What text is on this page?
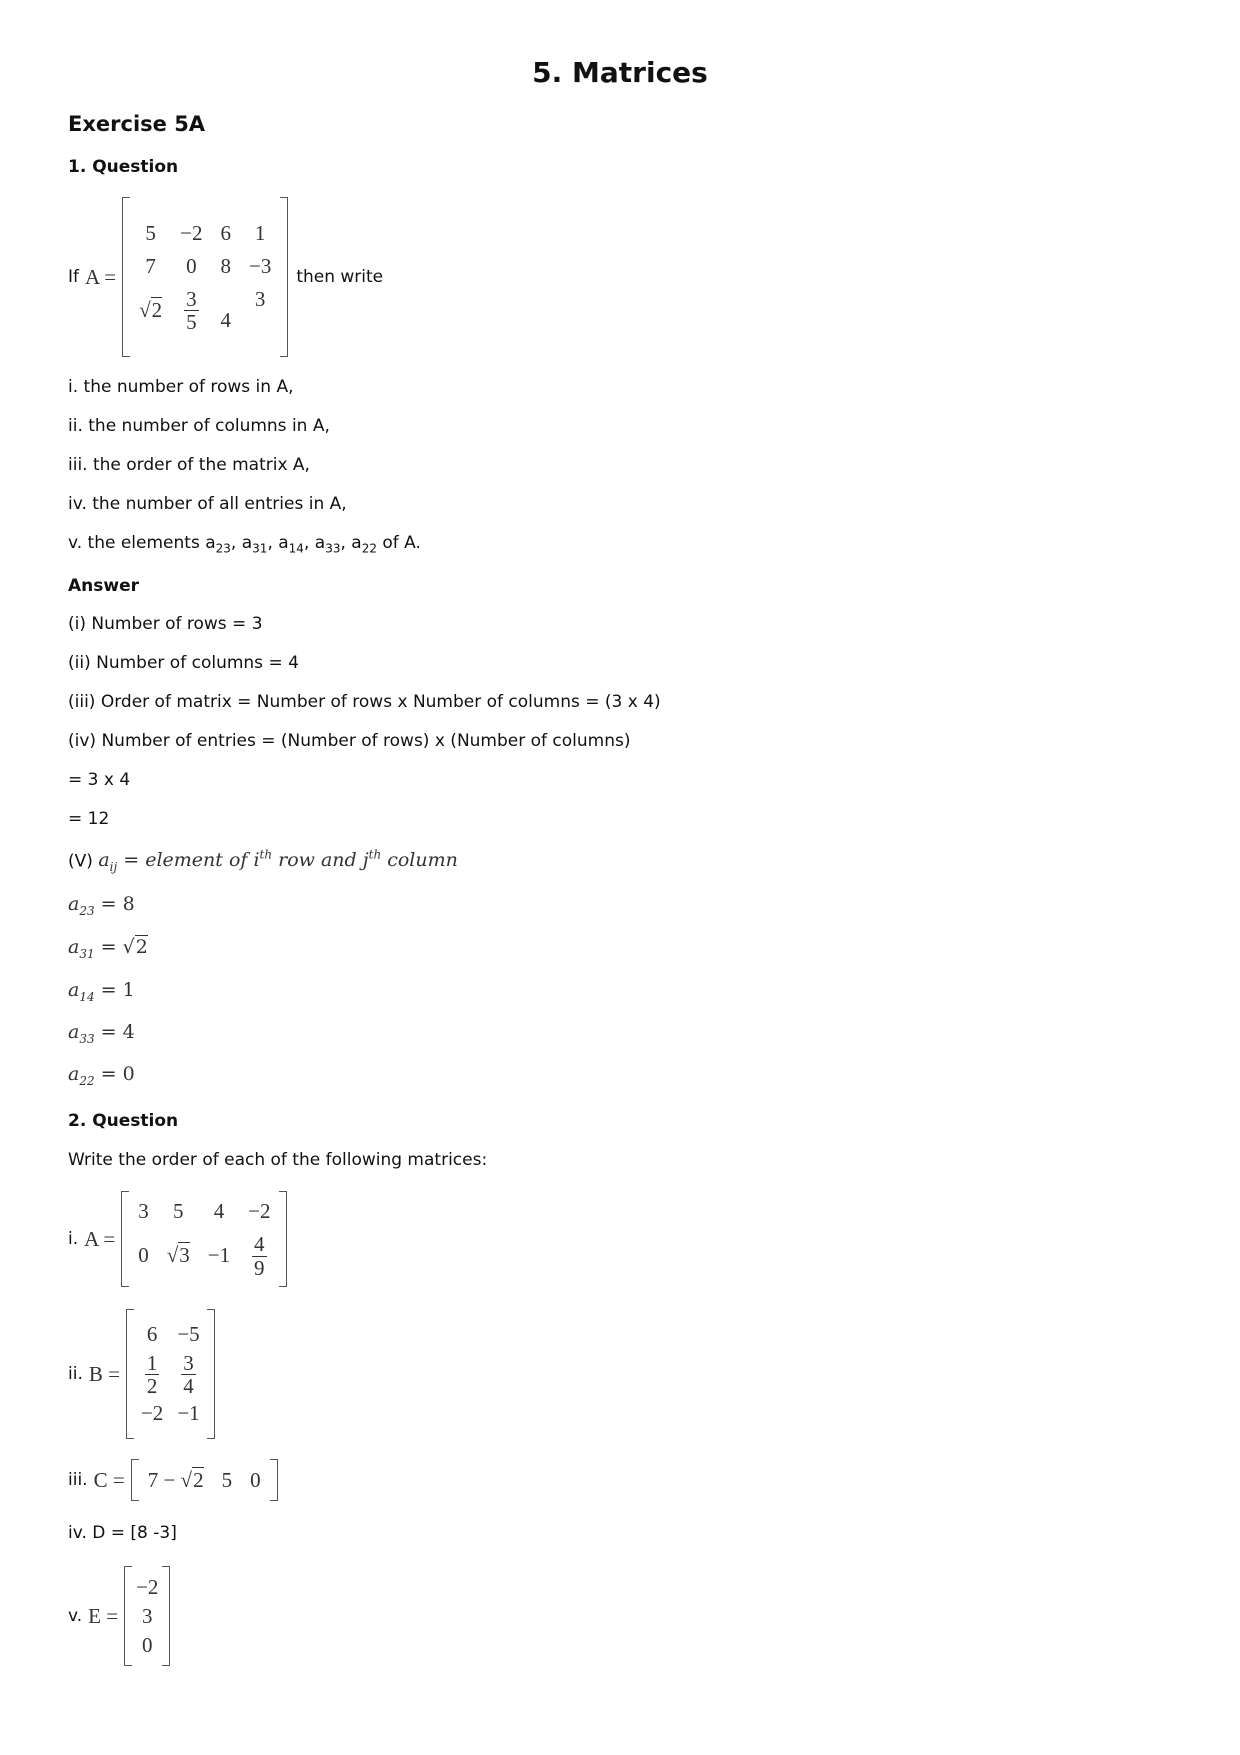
5. Matrices
Exercise 5A
1. Question
If A =
5	−2	6	1
7	0	8	−3
√2	$\frac{3}{5}$	4	3
then write
i. the number of rows in A,
ii. the number of columns in A,
iii. the order of the matrix A,
iv. the number of all entries in A,
v. the elements $a_{23}$, $a_{31}$, $a_{14}$, $a_{33}$, $a_{22}$ of A.
Answer
(i) Number of rows = 3
(ii) Number of columns = 4
(iii) Order of matrix = Number of rows x Number of columns = (3 x 4)
(iv) Number of entries = (Number of rows) x (Number of columns)
= 3 x 4
= 12
(V) $a_{ij}$ = element of $i^{th}$ row and $j^{th}$ column
$a_{23} = 8$
$a_{31} = √2$
$a_{14} = 1$
$a_{33} = 4$
$a_{22} = 0$
2. Question
Write the order of each of the following matrices:
i. A =
3	5	4	−2
0	√3	−1	$\frac{4}{9}$
ii. B =
6	−5

$\frac{1}{2}$	$\frac{3}{4}$

−2	−1
iii. C = 7 − √2	5	0
iv. D = [8 -3]
v. E =
−2
3
0
